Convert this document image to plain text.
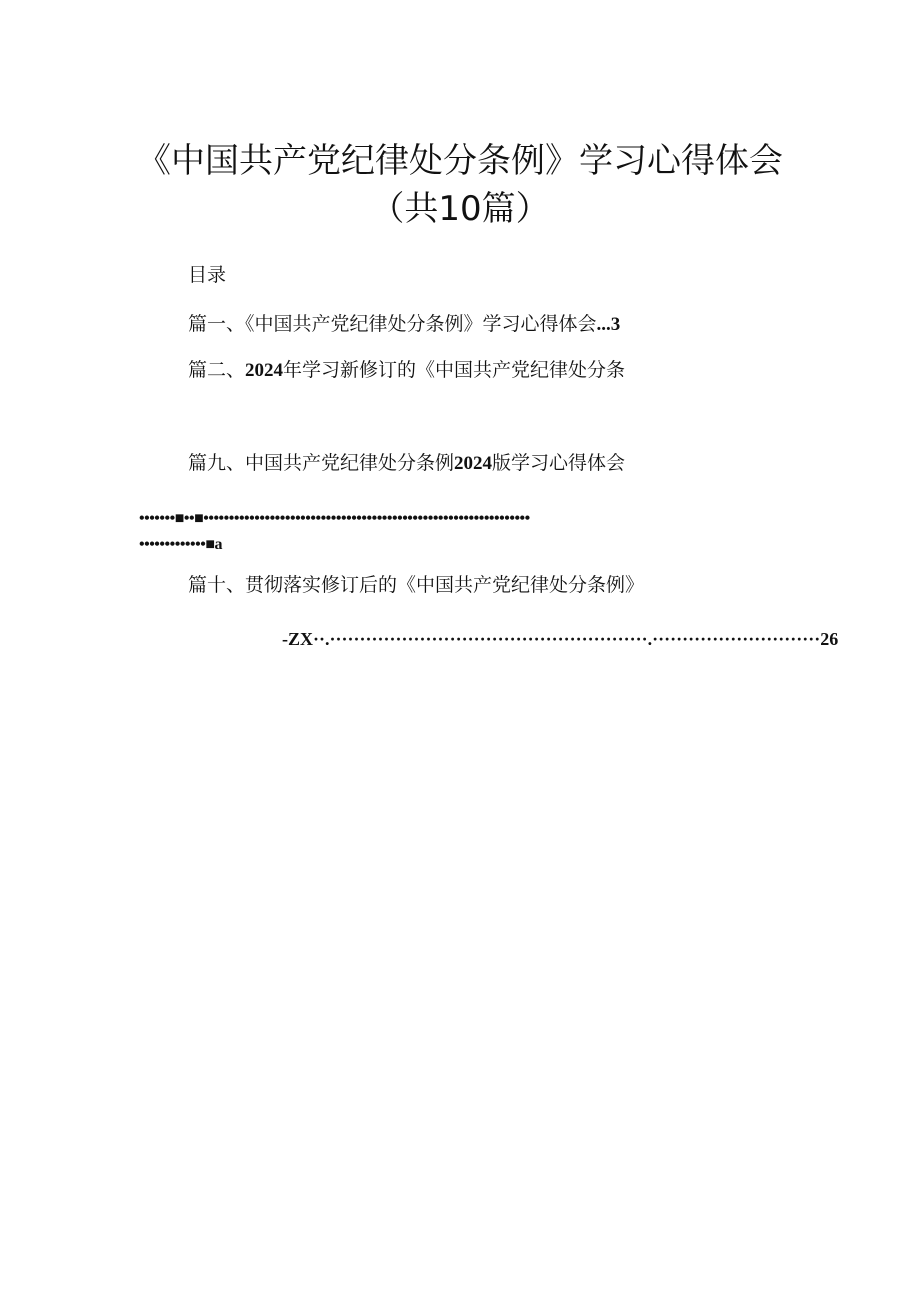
《中国共产党纪律处分条例》学习心得体会
（共10篇）
目录
篇一、《中国共产党纪律处分条例》学习心得体会...3
篇二、2024年学习新修订的《中国共产党纪律处分条
篇九、中国共产党纪律处分条例2024版学习心得体会
•••••••■••■••••••••••••••••••••••••••••••••••••••••••••••••••••••••••••••••
•••••••••••••■a
篇十、贯彻落实修订后的《中国共产党纪律处分条例》
-ZX··.·····················································.····························26
